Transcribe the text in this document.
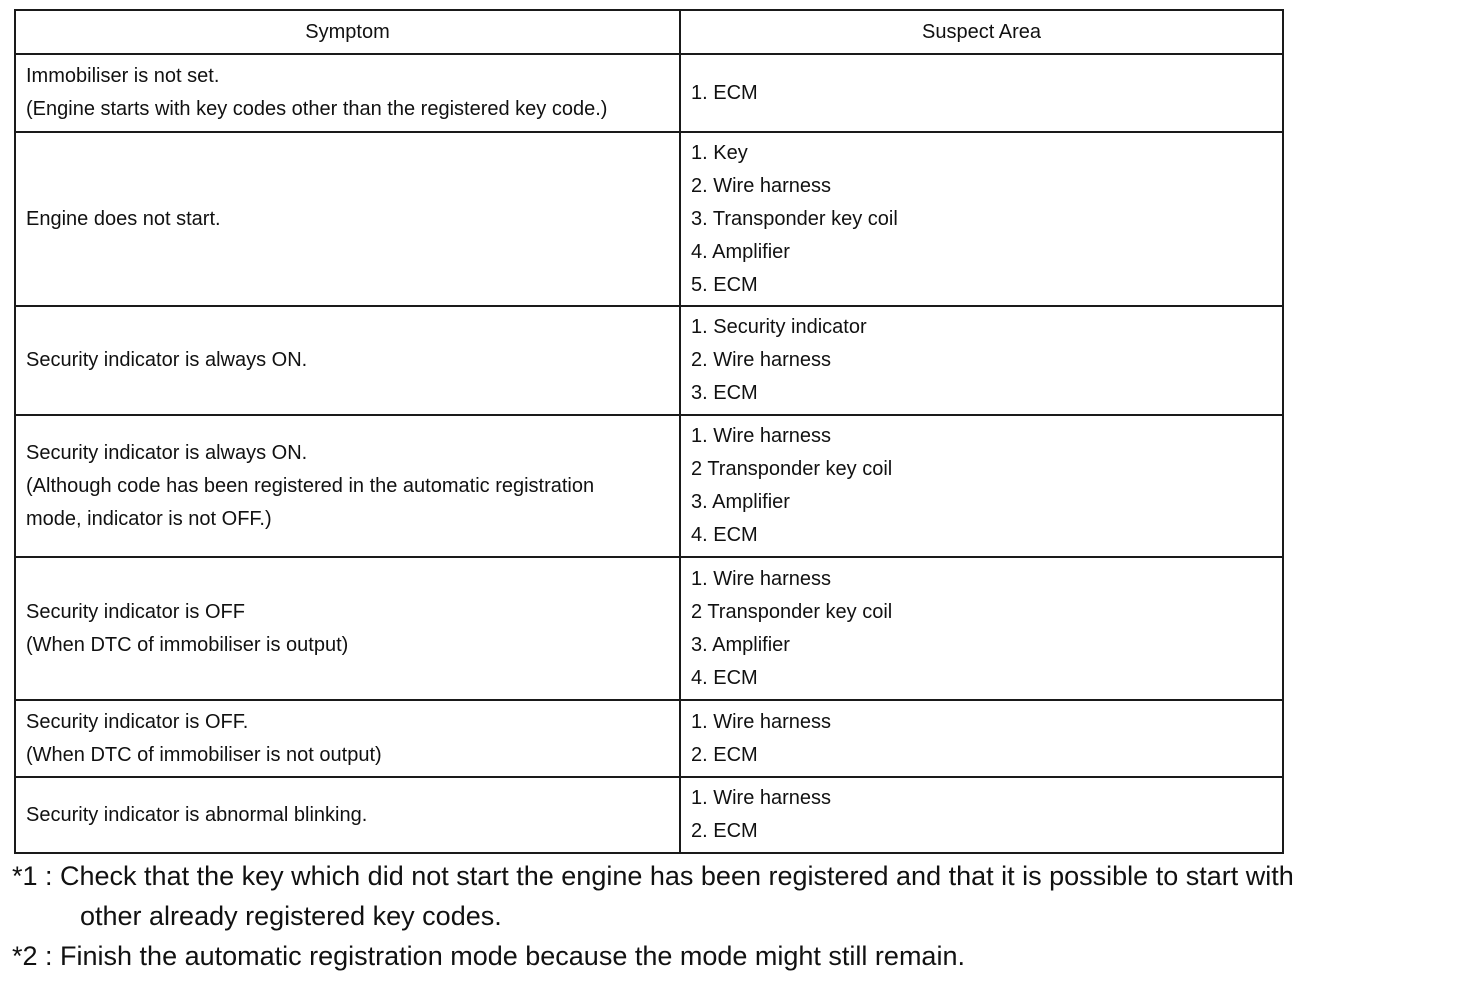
Symptom	Suspect Area

Immobiliser is not set.
(Engine starts with key codes other than the registered key code.)	1. ECM

Engine does not start.	1. Key
2. Wire harness
3. Transponder key coil
4. Amplifier
5. ECM

Security indicator is always ON.	1. Security indicator
2. Wire harness
3. ECM

Security indicator is always ON.
(Although code has been registered in the automatic registration
mode, indicator is not OFF.)	1. Wire harness
2 Transponder key coil
3. Amplifier
4. ECM

Security indicator is OFF
(When DTC of immobiliser is output)	1. Wire harness
2 Transponder key coil
3. Amplifier
4. ECM

Security indicator is OFF.
(When DTC of immobiliser is not output)	1. Wire harness
2. ECM

Security indicator is abnormal blinking.	1. Wire harness
2. ECM
*1 : Check that the key which did not start the engine has been registered and that it is possible to start with
other already registered key codes.
*2 : Finish the automatic registration mode because the mode might still remain.
